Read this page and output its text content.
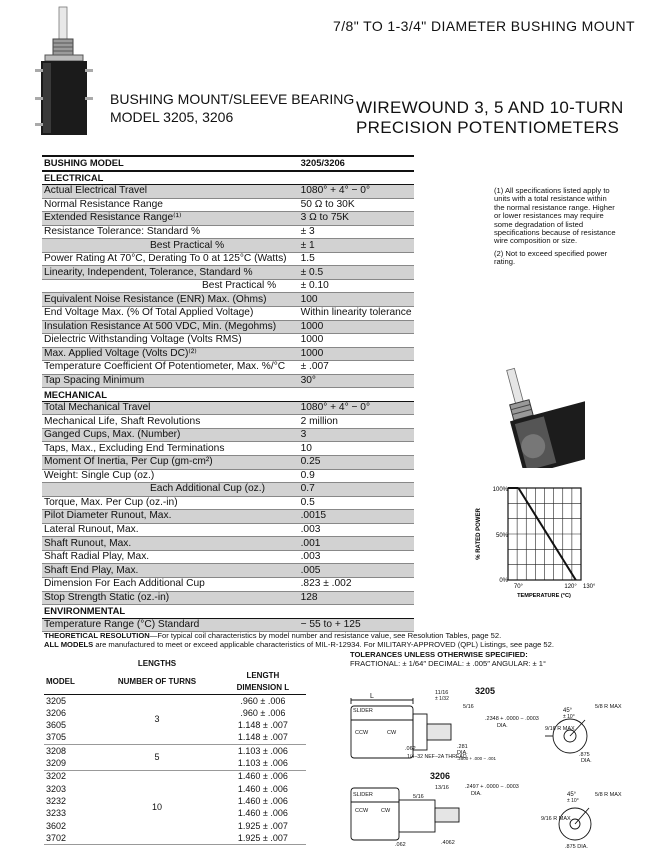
7/8" TO 1-3/4" DIAMETER BUSHING MOUNT
BUSHING MOUNT/SLEEVE BEARING
MODEL 3205, 3206	WIREWOUND 3, 5 AND 10-TURN
PRECISION POTENTIOMETERS
BUSHING MODEL	3205/3206
ELECTRICAL	
Actual Electrical Travel	1080° + 4° − 0°
Normal Resistance Range	50 Ω to 30K
Extended Resistance Range⁽¹⁾	3 Ω to 75K
Resistance Tolerance: Standard %	± 3
Best Practical %	± 1
Power Rating At 70°C, Derating To 0 at 125°C (Watts)	1.5
Linearity, Independent, Tolerance, Standard %	± 0.5
Best Practical %	± 0.10
Equivalent Noise Resistance (ENR) Max. (Ohms)	100
End Voltage Max. (% Of Total Applied Voltage)	Within linearity tolerance
Insulation Resistance At 500 VDC, Min. (Megohms)	1000
Dielectric Withstanding Voltage (Volts RMS)	1000
Max. Applied Voltage (Volts DC)⁽²⁾	1000
Temperature Coefficient Of Potentiometer, Max. %/°C	± .007
Tap Spacing Minimum	30°
MECHANICAL	
Total Mechanical Travel	1080° + 4° − 0°
Mechanical Life, Shaft Revolutions	2 million
Ganged Cups, Max. (Number)	3
Taps, Max., Excluding End Terminations	10
Moment Of Inertia, Per Cup (gm-cm²)	0.25
Weight: Single Cup (oz.)	0.9
Each Additional Cup (oz.)	0.7
Torque, Max. Per Cup (oz.-in)	0.5
Pilot Diameter Runout, Max.	.0015
Lateral Runout, Max.	.003
Shaft Runout, Max.	.001
Shaft Radial Play, Max.	.003
Shaft End Play, Max.	.005
Dimension For Each Additional Cup	.823 ± .002
Stop Strength Static (oz.-in)	128
ENVIRONMENTAL	
Temperature Range (°C) Standard	− 55 to + 125

(1) All specifications listed apply to units with a total resistance within the normal resistance range. Higher or lower resistances may require some degradation of listed specifications because of resistance wire composition or size.

(2) Not to exceed specified power rating.

% RATED POWER
0%
50%
100%
70°	120° 130°
TEMPERATURE (°C)
THEORETICAL RESOLUTION—For typical coil characteristics by model number and resistance value, see Resolution Tables, page 52.
ALL MODELS are manufactured to meet or exceed applicable characteristics of MIL-R-12934. For MILITARY-APPROVED (QPL) Listings, see page 52.
TOLERANCES UNLESS OTHERWISE SPECIFIED:
FRACTIONAL: ± 1/64″ DECIMAL: ± .005″ ANGULAR: ± 1°
	LENGTHS	
MODEL	NUMBER OF TURNS	LENGTH
		DIMENSION L
3205	3	.960 ± .006
3206		.960 ± .006
3605		1.148 ± .007
3705		1.148 ± .007
3208	5	1.103 ± .006
3209		1.103 ± .006
3202	10	1.460 ± .006
3203		1.460 ± .006
3232		1.460 ± .006
3233		1.460 ± .006
3602		1.925 ± .007
3702		1.925 ± .007
3205
L	11/16
± 1/32
5/16
SLIDER
CCW	CW
.2348 + .0000 − .0003
DIA.
.281
DIA.
.2500 + .000 − .001
.062
1/4−32 NEF−2A THREAD
45°
± 10°
5/8 R MAX
9/16 R MAX
.875
DIA.
3206
13/16
SLIDER	5/16
.2497 + .0000 − .0003
DIA.
CCW CW
.062	.4062
45°
± 10°
5/8 R MAX
9/16 R MAX
.875 DIA.
